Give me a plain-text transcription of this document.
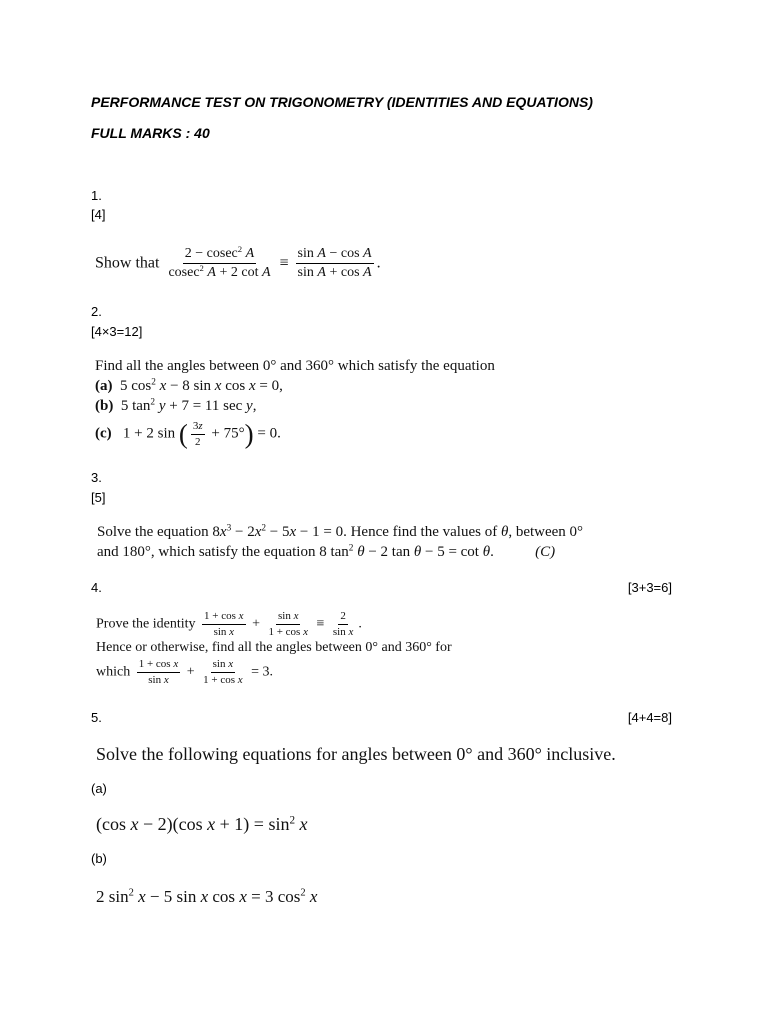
PERFORMANCE TEST ON TRIGONOMETRY (IDENTITIES AND EQUATIONS)
FULL MARKS : 40
1.
[4]
Show that $\frac{2 - cosec^2 A}{cosec^2 A + 2 \cot A} \equiv \frac{\text{sin A − cos A}}{\text{sin A + cos A}}$ .
2.
[4×3=12]
Find all the angles between 0° and 360° which satisfy the equation
(a)  5 $\cos^2 x - 8$ sin x cos x = 0,
(b)  5 $\tan^2 y + 7 = 11$ sec y,
(c)   1 + 2 sin ( $\frac{3z}{2} + 75^\circ) = 0$.
3.
[5]
Solve the equation $8x^3 - 2x^2 - 5x - 1 = 0$. Hence find the values of θ, between 0°
and 180°, which satisfy the equation 8 $\tan^2 \theta - 2$ tan θ − 5 = cot θ.           (C)
4.	[3+3=6]
Prove the identity $\frac{\text{1 + cos x}}{\text{sin x}} + \frac{\text{sin x}}{\text{1 + cos x}} \equiv \frac{2}{\text{sin x}}$ .
Hence or otherwise, find all the angles between 0° and 360° for
which $\frac{\text{1 + cos x}}{\text{sin x}} + \frac{\text{sin x}}{\text{1 + cos x}} = 3$.
5.	[4+4=8]
Solve the following equations for angles between 0° and 360° inclusive.
(a)
(cos x − 2)(cos $x + 1) = \sin^2 x$
(b)
2 $\sin^2 x - 5$ sin x cos x = 3 $\cos^2 x$
